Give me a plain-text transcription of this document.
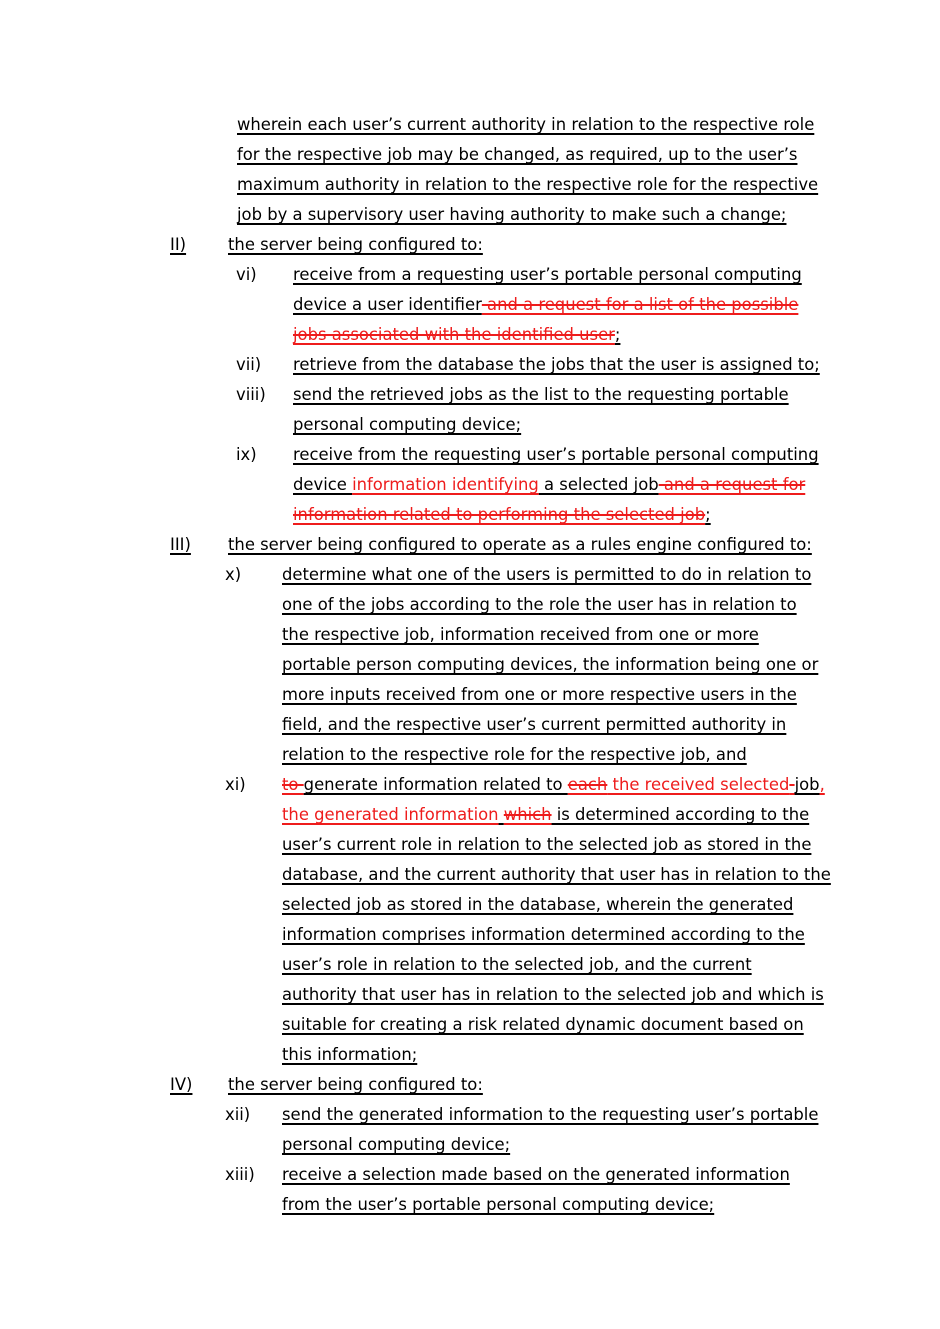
wherein each user’s current authority in relation to the respective role
for the respective job may be changed, as required, up to the user’s
maximum authority in relation to the respective role for the respective
job by a supervisory user having authority to make such a change;
II)	the server being configured to:
vi) receive from a requesting user’s portable personal computing
device a user identifier and a request for a list of the possible
jobs associated with the identified user;
vii) retrieve from the database the jobs that the user is assigned to;
viii) send the retrieved jobs as the list to the requesting portable
personal computing device;
ix) receive from the requesting user’s portable personal computing
device information identifying a selected job and a request for
information related to performing the selected job;
III) the server being configured to operate as a rules engine configured to:
x) determine what one of the users is permitted to do in relation to
one of the jobs according to the role the user has in relation to
the respective job, information received from one or more
portable person computing devices, the information being one or
more inputs received from one or more respective users in the
field, and the respective user’s current permitted authority in
relation to the respective role for the respective job, and
xi) to generate information related to each the received selected job,
the generated information which is determined according to the
user’s current role in relation to the selected job as stored in the
database, and the current authority that user has in relation to the
selected job as stored in the database, wherein the generated
information comprises information determined according to the
user’s role in relation to the selected job, and the current
authority that user has in relation to the selected job and which is
suitable for creating a risk related dynamic document based on
this information;
IV) the server being configured to:
xii) send the generated information to the requesting user’s portable
personal computing device;
xiii) receive a selection made based on the generated information
from the user’s portable personal computing device;
